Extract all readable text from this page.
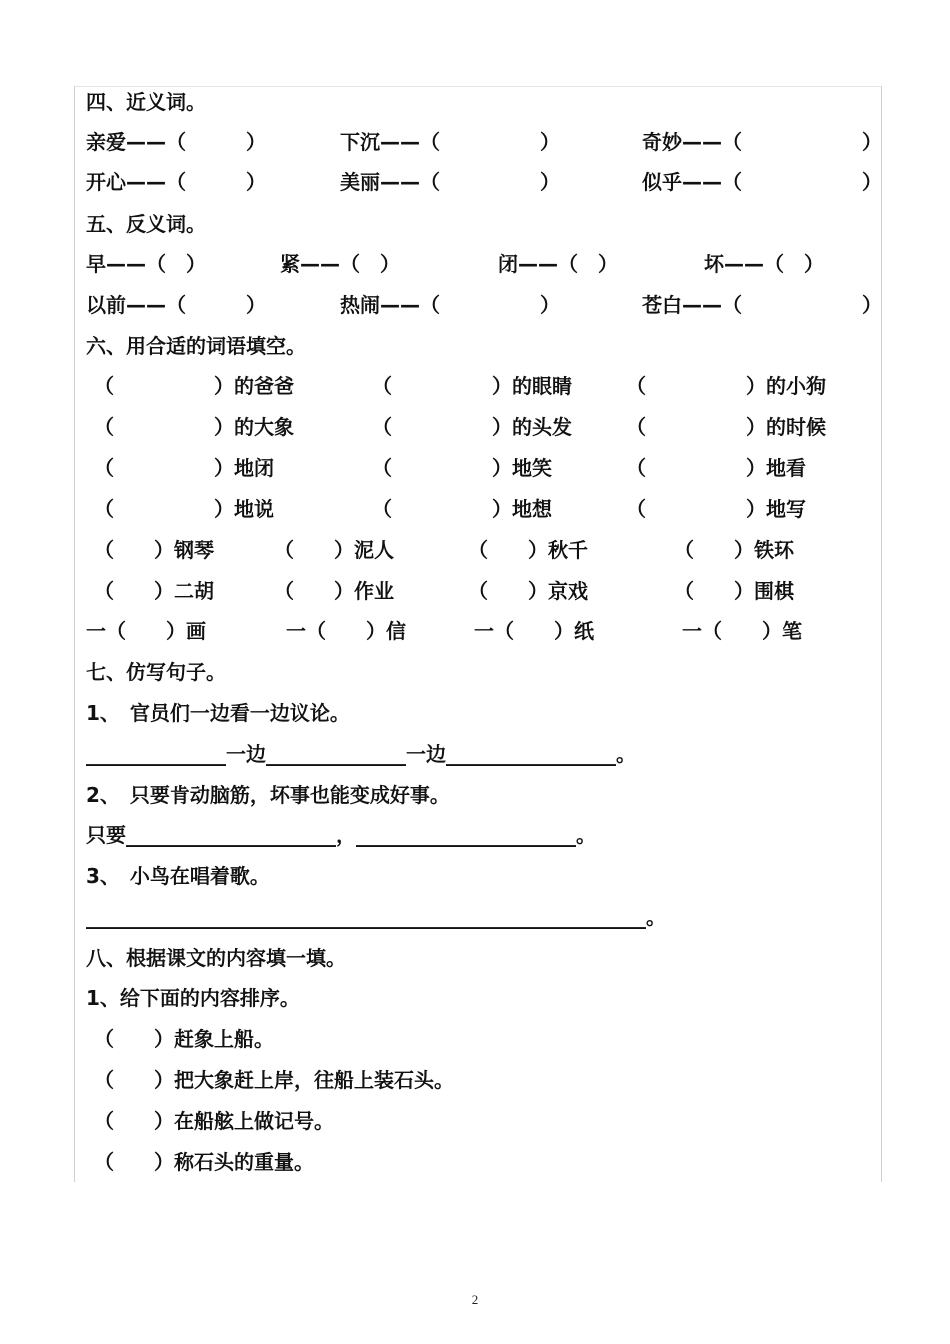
四、近义词。
亲爱——（　　　）	下沉——（　　　　　）	奇妙——（　　　　　　）
开心——（　　　）	美丽——（　　　　　）	似乎——（　　　　　　）
五、反义词。
早——（　）	紧——（　）	闭——（　）	坏——（　）
以前——（　　　）	热闹——（　　　　　）	苍白——（　　　　　　）
六、用合适的词语填空。
（　　　　　）的爸爸	（　　　　　）的眼睛	（　　　　　）的小狗
（　　　　　）的大象	（　　　　　）的头发	（　　　　　）的时候
（　　　　　）地闭	（　　　　　）地笑	（　　　　　）地看
（　　　　　）地说	（　　　　　）地想	（　　　　　）地写
（　　）钢琴	（　　）泥人	（　　）秋千	（　　）铁环
（　　）二胡	（　　）作业	（　　）京戏	（　　）围棋
一（　　）画	一（　　）信	一（　　）纸	一（　　）笔
七、仿写句子。
1、　官员们一边看一边议论。
______________一边______________一边_________________。
2、　只要肯动脑筋，坏事也能变成好事。
只要_____________________，______________________。
3、　小鸟在唱着歌。
________________________________________________________。
八、根据课文的内容填一填。
1、给下面的内容排序。
（　　）赶象上船。
（　　）把大象赶上岸，往船上装石头。
（　　）在船舷上做记号。
（　　）称石头的重量。
2
